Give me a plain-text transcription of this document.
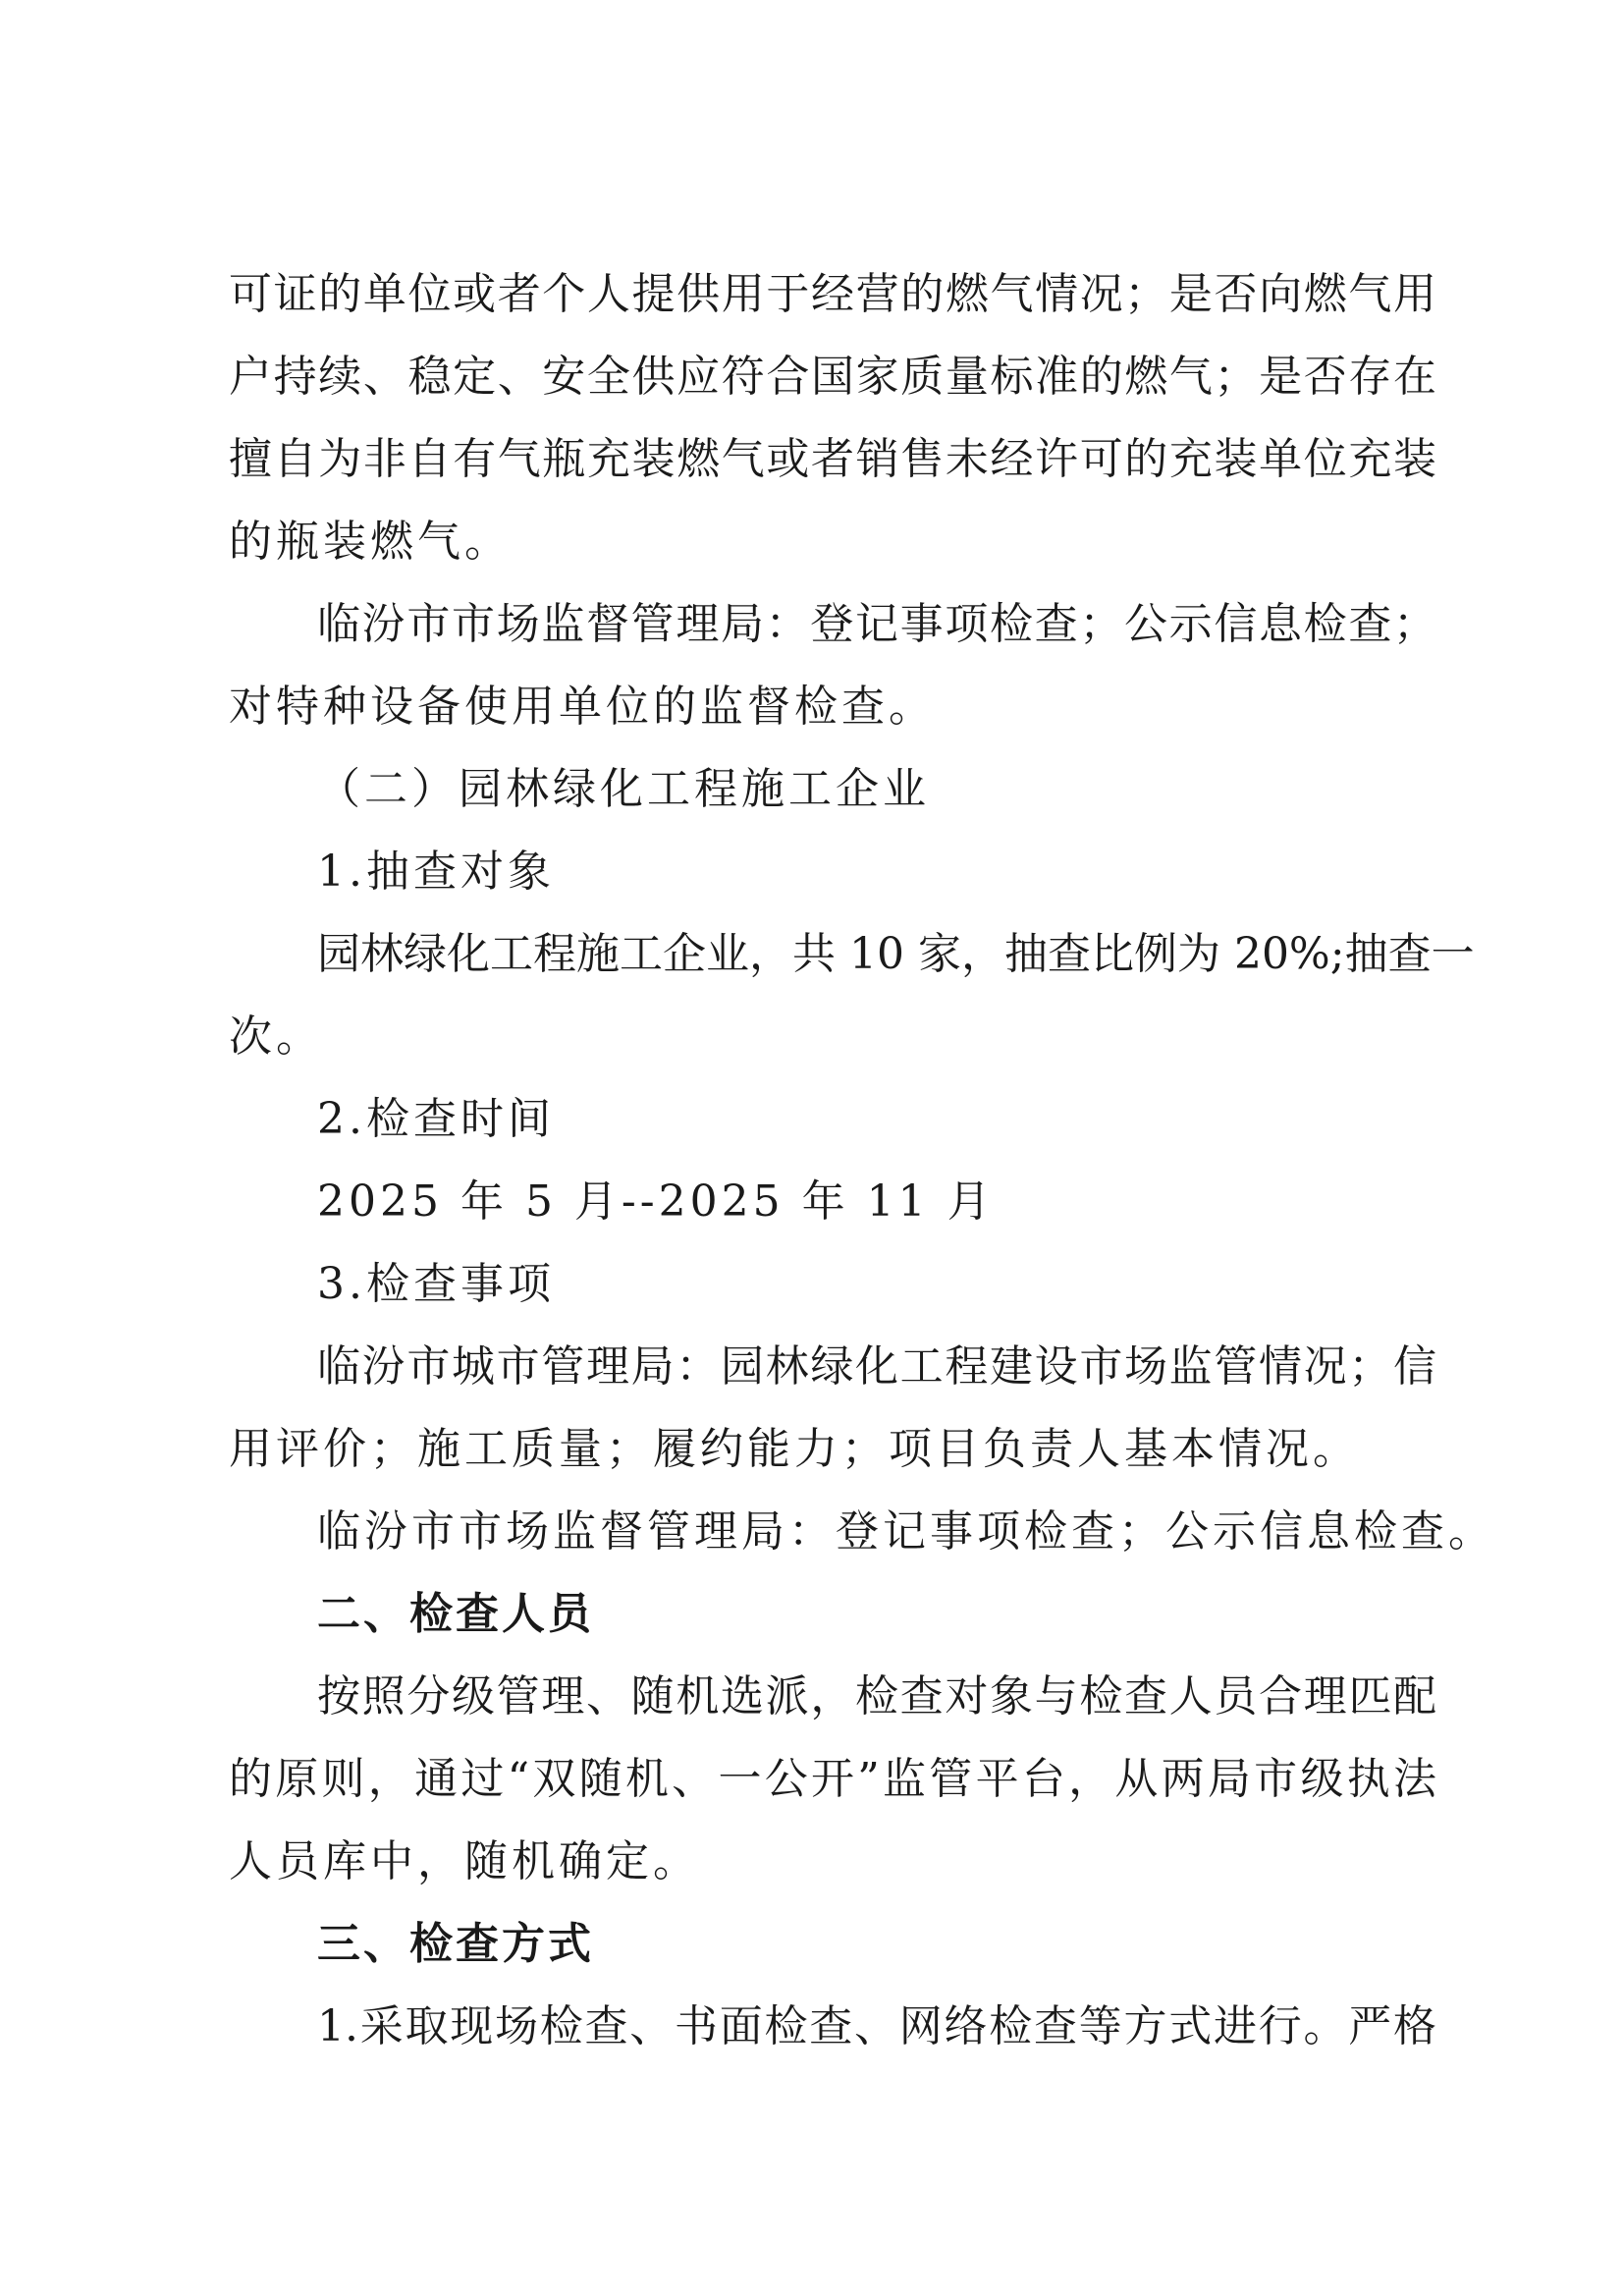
可证的单位或者个人提供用于经营的燃气情况；是否向燃气用
户持续、稳定、安全供应符合国家质量标准的燃气；是否存在
擅自为非自有气瓶充装燃气或者销售未经许可的充装单位充装
的瓶装燃气。
临汾市市场监督管理局：登记事项检查；公示信息检查；
对特种设备使用单位的监督检查。
（二）园林绿化工程施工企业
1.抽查对象
园林绿化工程施工企业，共 10 家，抽查比例为 20%;抽查一
次。
2.检查时间
2025 年 5 月--2025 年 11 月
3.检查事项
临汾市城市管理局：园林绿化工程建设市场监管情况；信
用评价；施工质量；履约能力；项目负责人基本情况。
临汾市市场监督管理局：登记事项检查；公示信息检查。
二、检查人员
按照分级管理、随机选派，检查对象与检查人员合理匹配
的原则，通过“双随机、一公开”监管平台，从两局市级执法
人员库中，随机确定。
三、检查方式
1.采取现场检查、书面检查、网络检查等方式进行。严格
